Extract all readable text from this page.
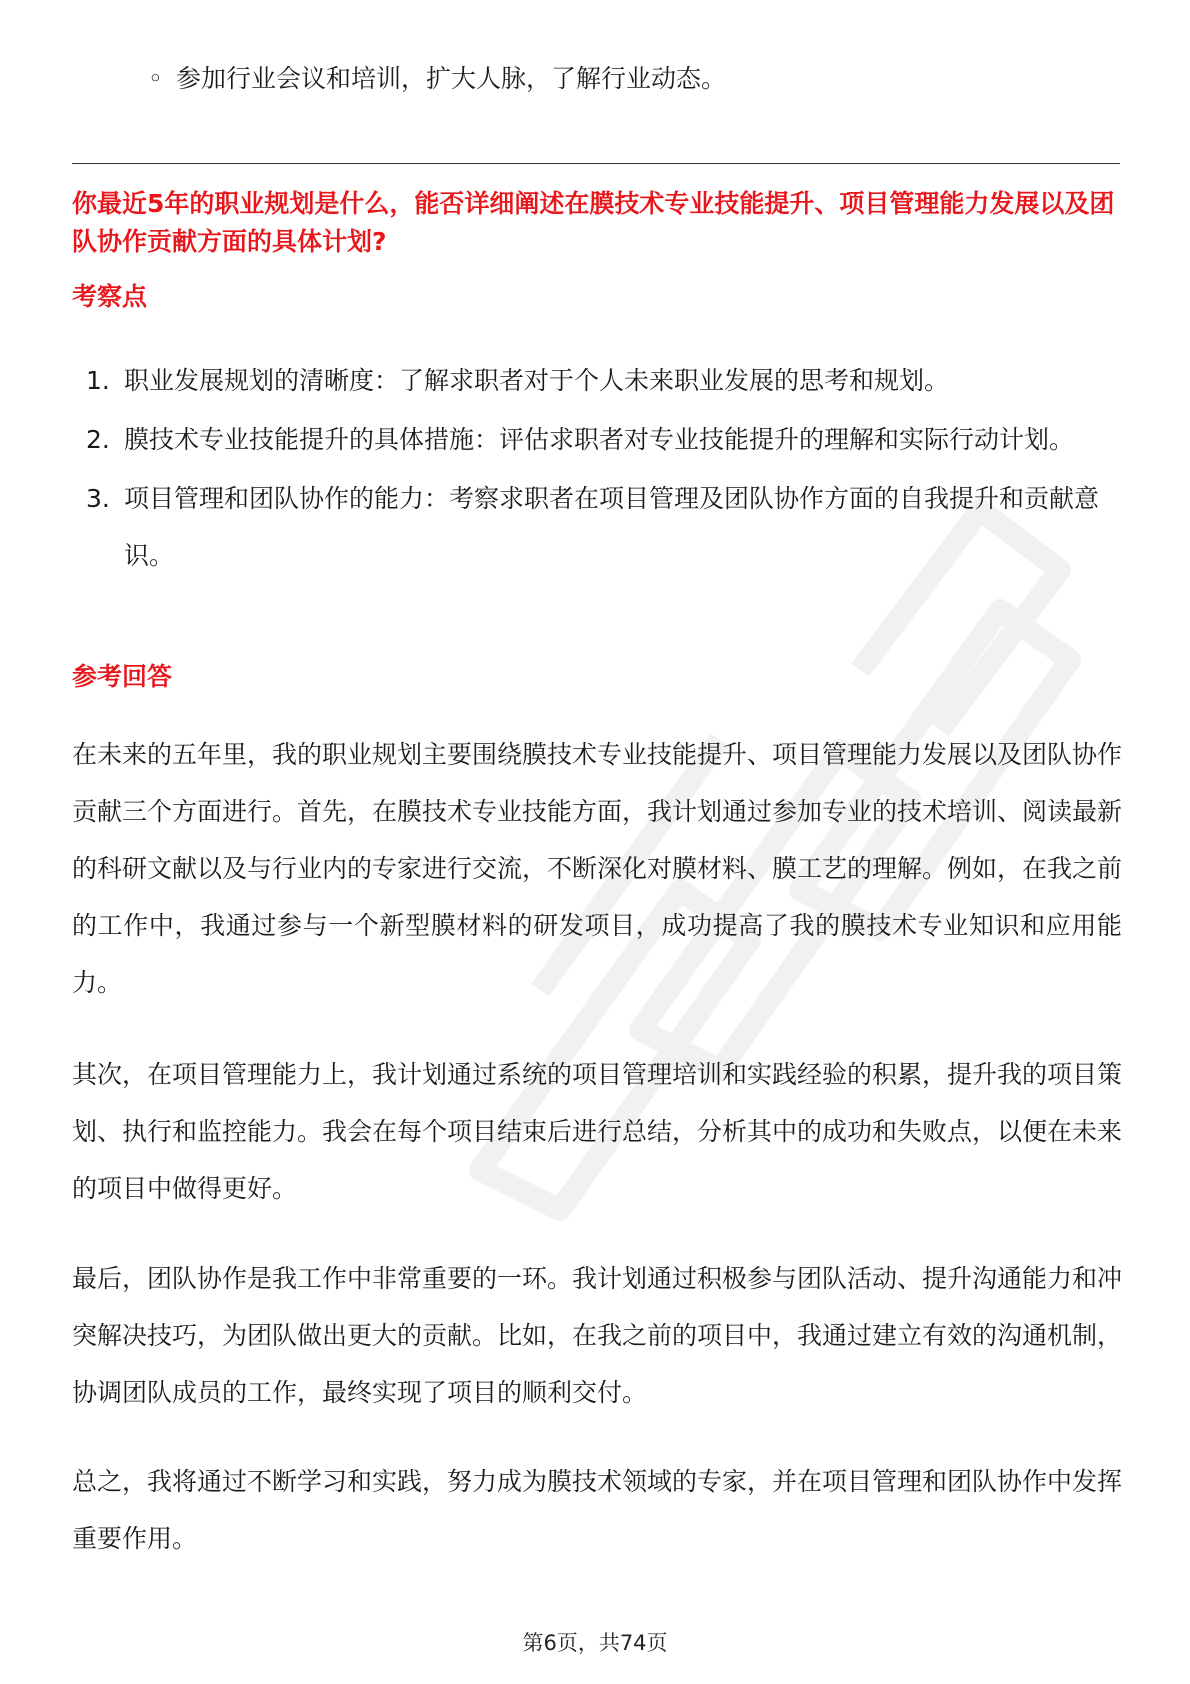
◦ 参加行业会议和培训，扩大人脉，了解行业动态。
你最近5年的职业规划是什么，能否详细阐述在膜技术专业技能提升、项目管理能力发展以及团队协作贡献方面的具体计划?
考察点
1. 职业发展规划的清晰度：了解求职者对于个人未来职业发展的思考和规划。
2. 膜技术专业技能提升的具体措施：评估求职者对专业技能提升的理解和实际行动计划。
3. 项目管理和团队协作的能力：考察求职者在项目管理及团队协作方面的自我提升和贡献意识。
参考回答

在未来的五年里，我的职业规划主要围绕膜技术专业技能提升、项目管理能力发展以及团队协作贡献三个方面进行。首先，在膜技术专业技能方面，我计划通过参加专业的技术培训、阅读最新的科研文献以及与行业内的专家进行交流，不断深化对膜材料、膜工艺的理解。例如，在我之前的工作中，我通过参与一个新型膜材料的研发项目，成功提高了我的膜技术专业知识和应用能力。

其次，在项目管理能力上，我计划通过系统的项目管理培训和实践经验的积累，提升我的项目策划、执行和监控能力。我会在每个项目结束后进行总结，分析其中的成功和失败点，以便在未来的项目中做得更好。

最后，团队协作是我工作中非常重要的一环。我计划通过积极参与团队活动、提升沟通能力和冲突解决技巧，为团队做出更大的贡献。比如，在我之前的项目中，我通过建立有效的沟通机制，协调团队成员的工作，最终实现了项目的顺利交付。

总之，我将通过不断学习和实践，努力成为膜技术领域的专家，并在项目管理和团队协作中发挥重要作用。

第6页，共74页
